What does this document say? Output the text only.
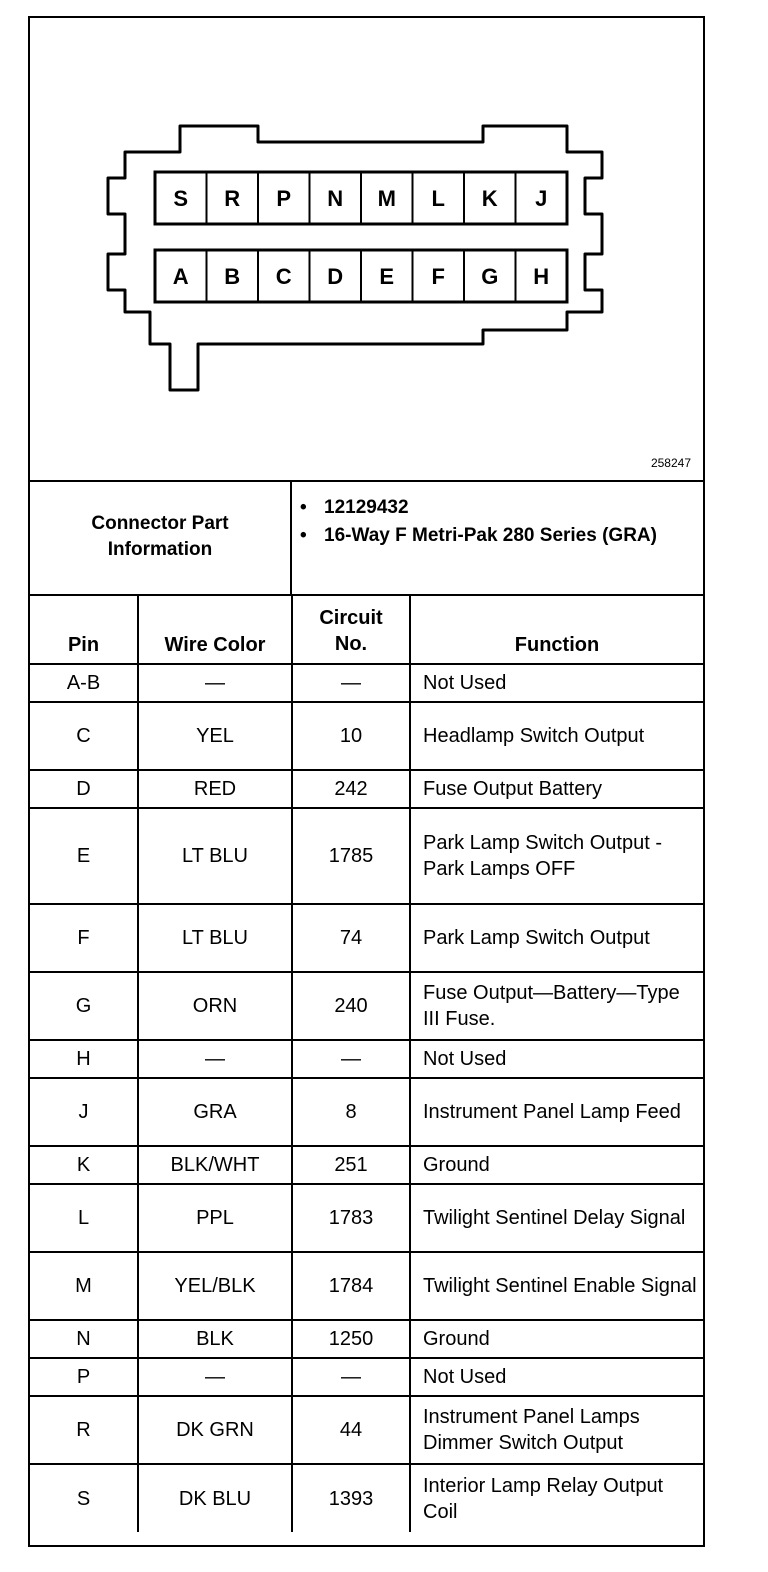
S R P N M L K J
A B C D E F G H
258247
Connector Part Information
• 12129432
• 16-Way F Metri-Pak 280 Series (GRA)
Pin	Wire Color	Circuit No.	Function
A-B	—	—	Not Used
C	YEL	10	Headlamp Switch Output
D	RED	242	Fuse Output Battery
E	LT BLU	1785	Park Lamp Switch Output - Park Lamps OFF
F	LT BLU	74	Park Lamp Switch Output
G	ORN	240	Fuse Output—Battery—Type III Fuse.
H	—	—	Not Used
J	GRA	8	Instrument Panel Lamp Feed
K	BLK/WHT	251	Ground
L	PPL	1783	Twilight Sentinel Delay Signal
M	YEL/BLK	1784	Twilight Sentinel Enable Signal
N	BLK	1250	Ground
P	—	—	Not Used
R	DK GRN	44	Instrument Panel Lamps Dimmer Switch Output
S	DK BLU	1393	Interior Lamp Relay Output Coil
